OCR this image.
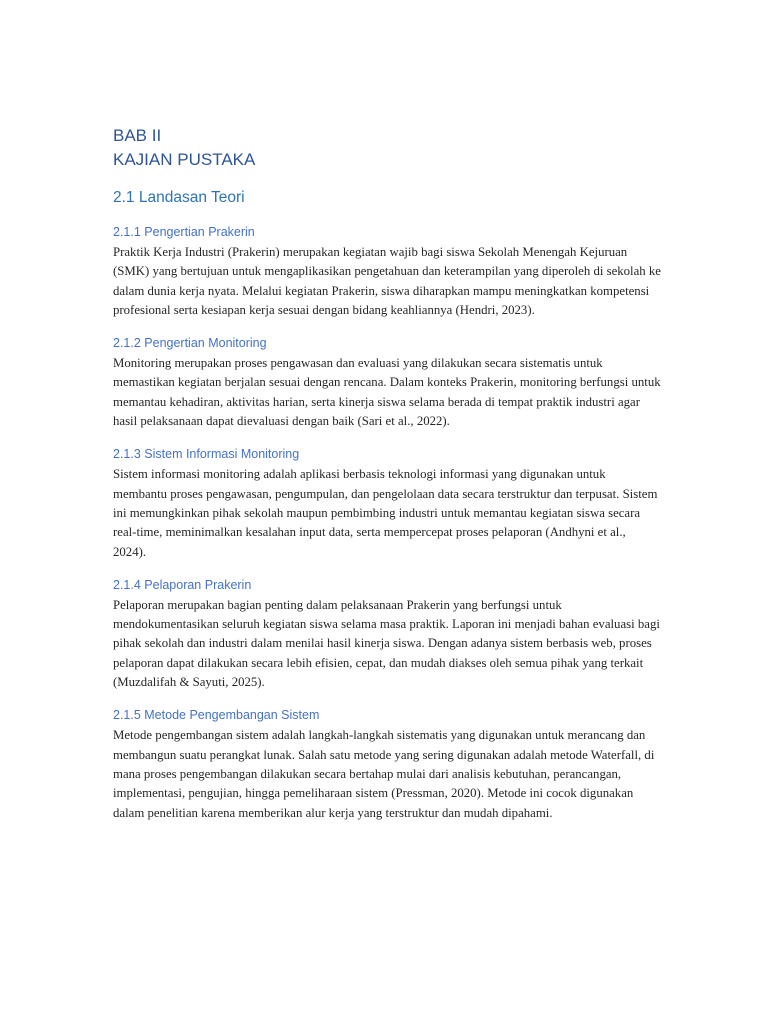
BAB II
KAJIAN PUSTAKA
2.1 Landasan Teori
2.1.1 Pengertian Prakerin

Praktik Kerja Industri (Prakerin) merupakan kegiatan wajib bagi siswa Sekolah Menengah Kejuruan (SMK) yang bertujuan untuk mengaplikasikan pengetahuan dan keterampilan yang diperoleh di sekolah ke dalam dunia kerja nyata. Melalui kegiatan Prakerin, siswa diharapkan mampu meningkatkan kompetensi profesional serta kesiapan kerja sesuai dengan bidang keahliannya (Hendri, 2023).

2.1.2 Pengertian Monitoring

Monitoring merupakan proses pengawasan dan evaluasi yang dilakukan secara sistematis untuk memastikan kegiatan berjalan sesuai dengan rencana. Dalam konteks Prakerin, monitoring berfungsi untuk memantau kehadiran, aktivitas harian, serta kinerja siswa selama berada di tempat praktik industri agar hasil pelaksanaan dapat dievaluasi dengan baik (Sari et al., 2022).

2.1.3 Sistem Informasi Monitoring

Sistem informasi monitoring adalah aplikasi berbasis teknologi informasi yang digunakan untuk membantu proses pengawasan, pengumpulan, dan pengelolaan data secara terstruktur dan terpusat. Sistem ini memungkinkan pihak sekolah maupun pembimbing industri untuk memantau kegiatan siswa secara real-time, meminimalkan kesalahan input data, serta mempercepat proses pelaporan (Andhyni et al., 2024).

2.1.4 Pelaporan Prakerin

Pelaporan merupakan bagian penting dalam pelaksanaan Prakerin yang berfungsi untuk mendokumentasikan seluruh kegiatan siswa selama masa praktik. Laporan ini menjadi bahan evaluasi bagi pihak sekolah dan industri dalam menilai hasil kinerja siswa. Dengan adanya sistem berbasis web, proses pelaporan dapat dilakukan secara lebih efisien, cepat, dan mudah diakses oleh semua pihak yang terkait (Muzdalifah & Sayuti, 2025).

2.1.5 Metode Pengembangan Sistem

Metode pengembangan sistem adalah langkah-langkah sistematis yang digunakan untuk merancang dan membangun suatu perangkat lunak. Salah satu metode yang sering digunakan adalah metode Waterfall, di mana proses pengembangan dilakukan secara bertahap mulai dari analisis kebutuhan, perancangan, implementasi, pengujian, hingga pemeliharaan sistem (Pressman, 2020). Metode ini cocok digunakan dalam penelitian karena memberikan alur kerja yang terstruktur dan mudah dipahami.
